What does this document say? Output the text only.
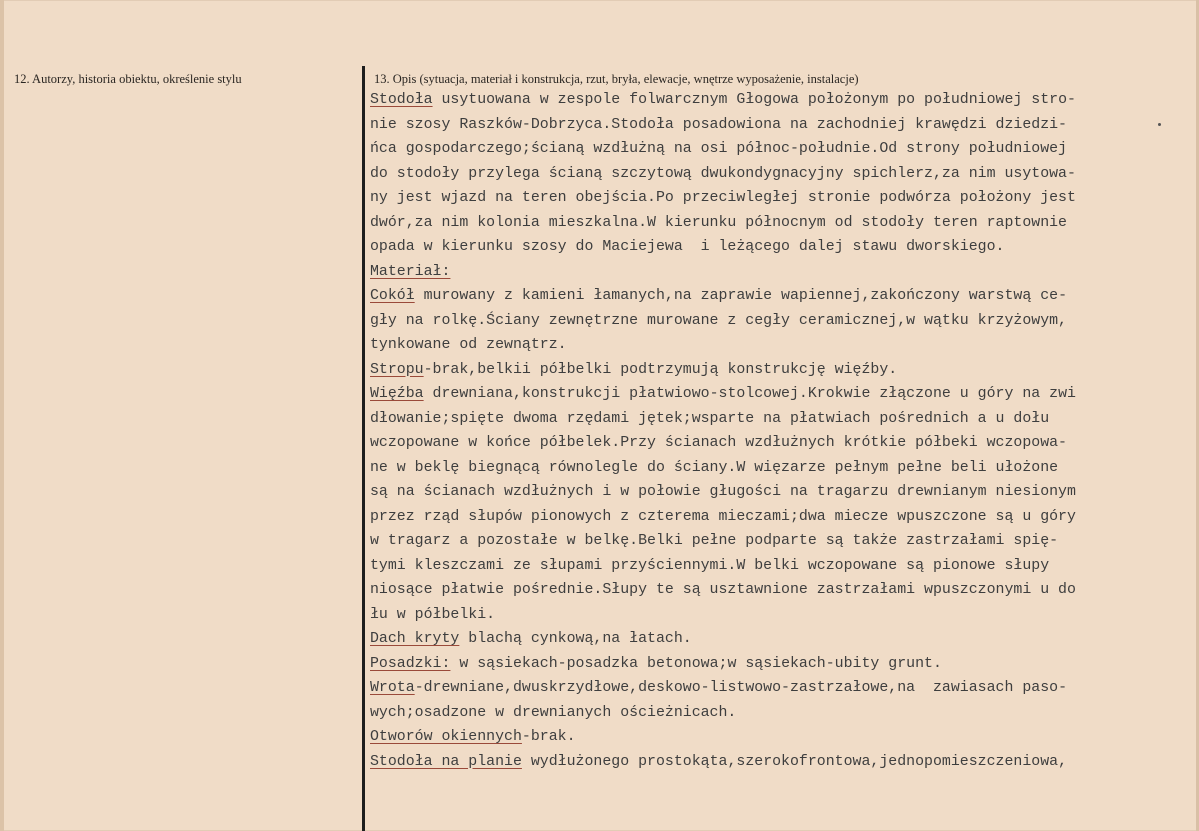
12. Autorzy, historia obiektu, określenie stylu	13. Opis (sytuacja, materiał i konstrukcja, rzut, bryła, elewacje, wnętrze wyposażenie, instalacje)
Stodoła usytuowana w zespole folwarcznym Głogowa położonym po południowej stro-
nie szosy Raszków-Dobrzyca.Stodoła posadowiona na zachodniej krawędzi dziedzi-
ńca gospodarczego;ścianą wzdłużną na osi północ-południe.Od strony południowej
do stodoły przylega ścianą szczytową dwukondygnacyjny spichlerz,za nim usytowa-
ny jest wjazd na teren obejścia.Po przeciwległej stronie podwórza położony jest
dwór,za nim kolonia mieszkalna.W kierunku północnym od stodoły teren raptownie
opada w kierunku szosy do Maciejewa  i leżącego dalej stawu dworskiego.
Materiał:
Cokół murowany z kamieni łamanych,na zaprawie wapiennej,zakończony warstwą ce-
gły na rolkę.Ściany zewnętrzne murowane z cegły ceramicznej,w wątku krzyżowym,
tynkowane od zewnątrz.
Stropu-brak,belkii półbelki podtrzymują konstrukcję więźby.
Więźba drewniana,konstrukcji płatwiowo-stolcowej.Krokwie złączone u góry na zwi
dłowanie;spięte dwoma rzędami jętek;wsparte na płatwiach pośrednich a u dołu
wczopowane w końce półbelek.Przy ścianach wzdłużnych krótkie półbeki wczopowa-
ne w beklę biegnącą równolegle do ściany.W więzarze pełnym pełne beli ułożone
są na ścianach wzdłużnych i w połowie gługości na tragarzu drewnianym niesionym
przez rząd słupów pionowych z czterema mieczami;dwa miecze wpuszczone są u góry
w tragarz a pozostałe w belkę.Belki pełne podparte są także zastrzałami spię-
tymi kleszczami ze słupami przyściennymi.W belki wczopowane są pionowe słupy
niosące płatwie pośrednie.Słupy te są usztawnione zastrzałami wpuszczonymi u do
łu w półbelki.
Dach kryty blachą cynkową,na łatach.
Posadzki: w sąsiekach-posadzka betonowa;w sąsiekach-ubity grunt.
Wrota-drewniane,dwuskrzydłowe,deskowo-listwowo-zastrzałowe,na  zawiasach paso-
wych;osadzone w drewnianych ościeżnicach.
Otworów okiennych-brak.
Stodoła na planie wydłużonego prostokąta,szerokofrontowa,jednopomieszczeniowa,
